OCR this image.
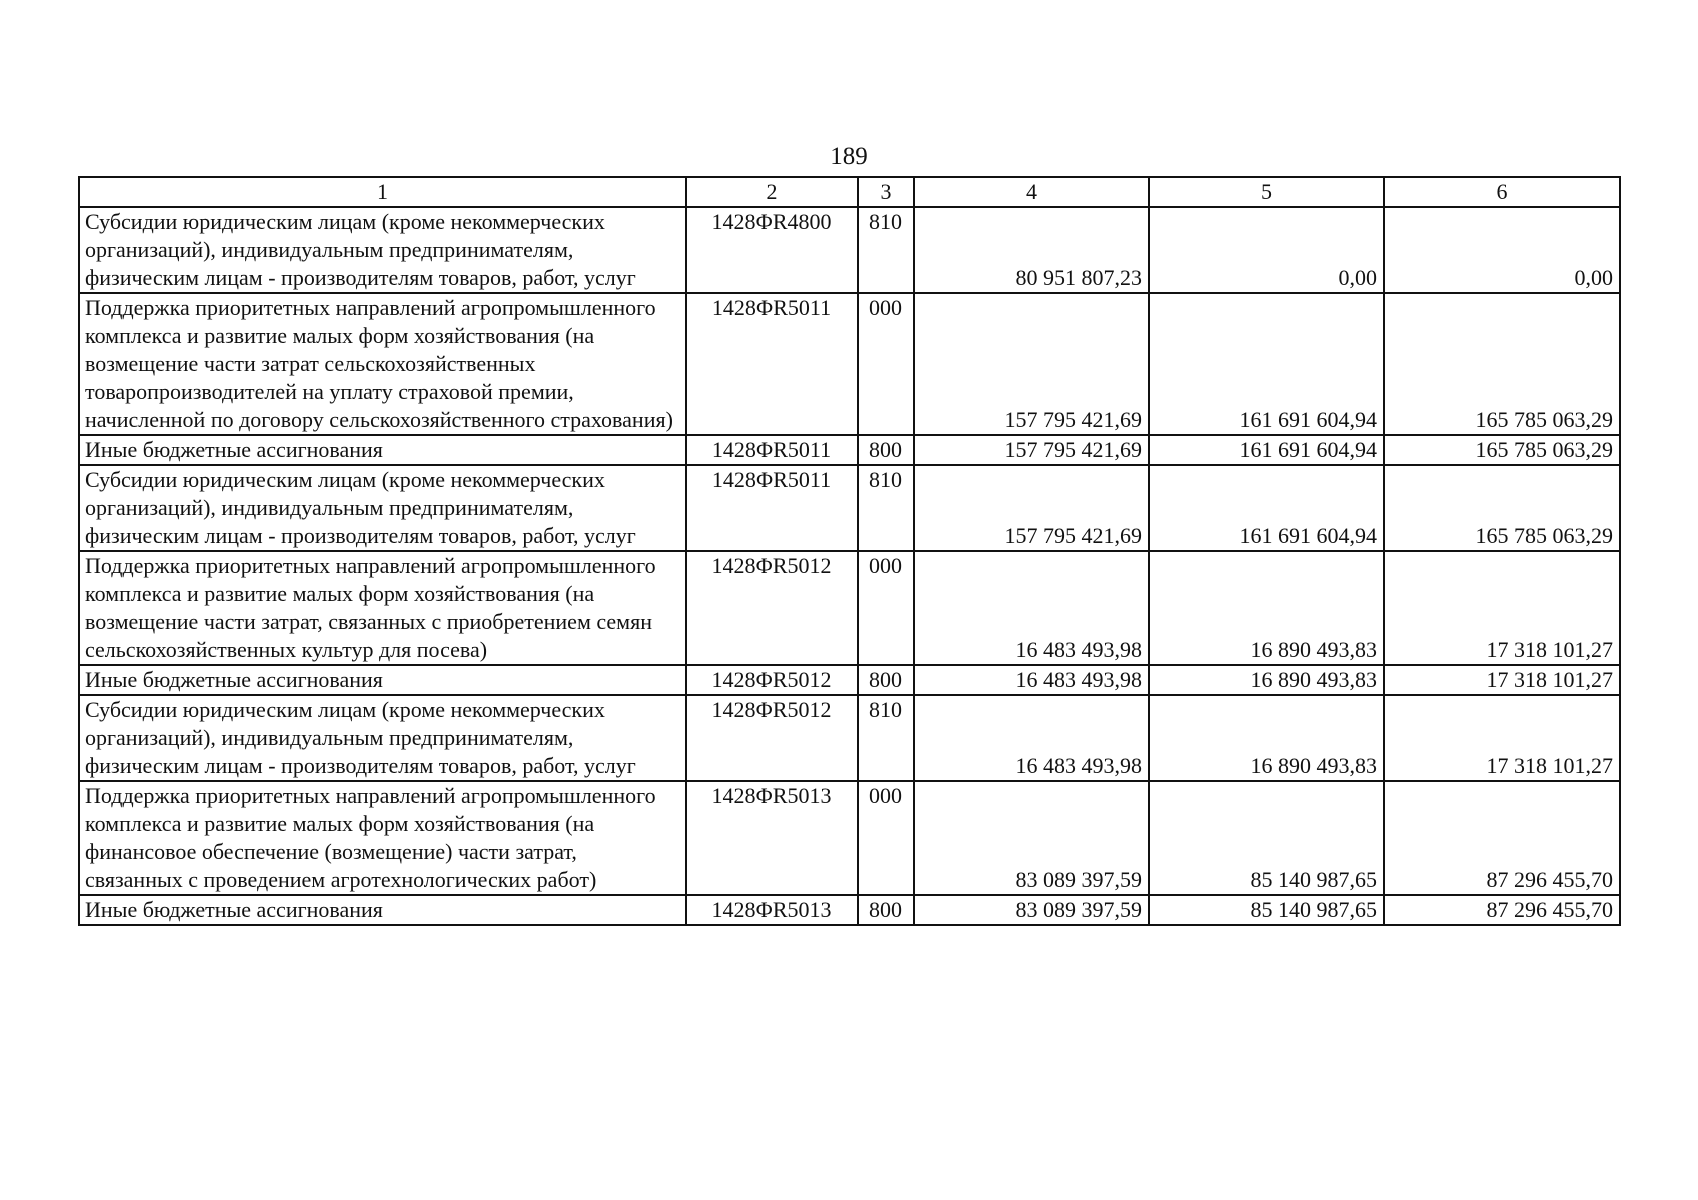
189
1	2	3	4	5	6
Субсидии юридическим лицам (кроме некоммерческих организаций), индивидуальным предпринимателям, физическим лицам - производителям товаров, работ, услуг	1428ФR4800	810	80 951 807,23	0,00	0,00
Поддержка приоритетных направлений агропромышленного комплекса и развитие малых форм хозяйствования (на возмещение части затрат сельскохозяйственных товаропроизводителей на уплату страховой премии, начисленной по договору сельскохозяйственного страхования)	1428ФR5011	000	157 795 421,69	161 691 604,94	165 785 063,29
Иные бюджетные ассигнования	1428ФR5011	800	157 795 421,69	161 691 604,94	165 785 063,29
Субсидии юридическим лицам (кроме некоммерческих организаций), индивидуальным предпринимателям, физическим лицам - производителям товаров, работ, услуг	1428ФR5011	810	157 795 421,69	161 691 604,94	165 785 063,29
Поддержка приоритетных направлений агропромышленного комплекса и развитие малых форм хозяйствования (на возмещение части затрат, связанных с приобретением семян сельскохозяйственных культур для посева)	1428ФR5012	000	16 483 493,98	16 890 493,83	17 318 101,27
Иные бюджетные ассигнования	1428ФR5012	800	16 483 493,98	16 890 493,83	17 318 101,27
Субсидии юридическим лицам (кроме некоммерческих организаций), индивидуальным предпринимателям, физическим лицам - производителям товаров, работ, услуг	1428ФR5012	810	16 483 493,98	16 890 493,83	17 318 101,27
Поддержка приоритетных направлений агропромышленного комплекса и развитие малых форм хозяйствования (на финансовое обеспечение (возмещение) части затрат, связанных с проведением агротехнологических работ)	1428ФR5013	000	83 089 397,59	85 140 987,65	87 296 455,70
Иные бюджетные ассигнования	1428ФR5013	800	83 089 397,59	85 140 987,65	87 296 455,70
